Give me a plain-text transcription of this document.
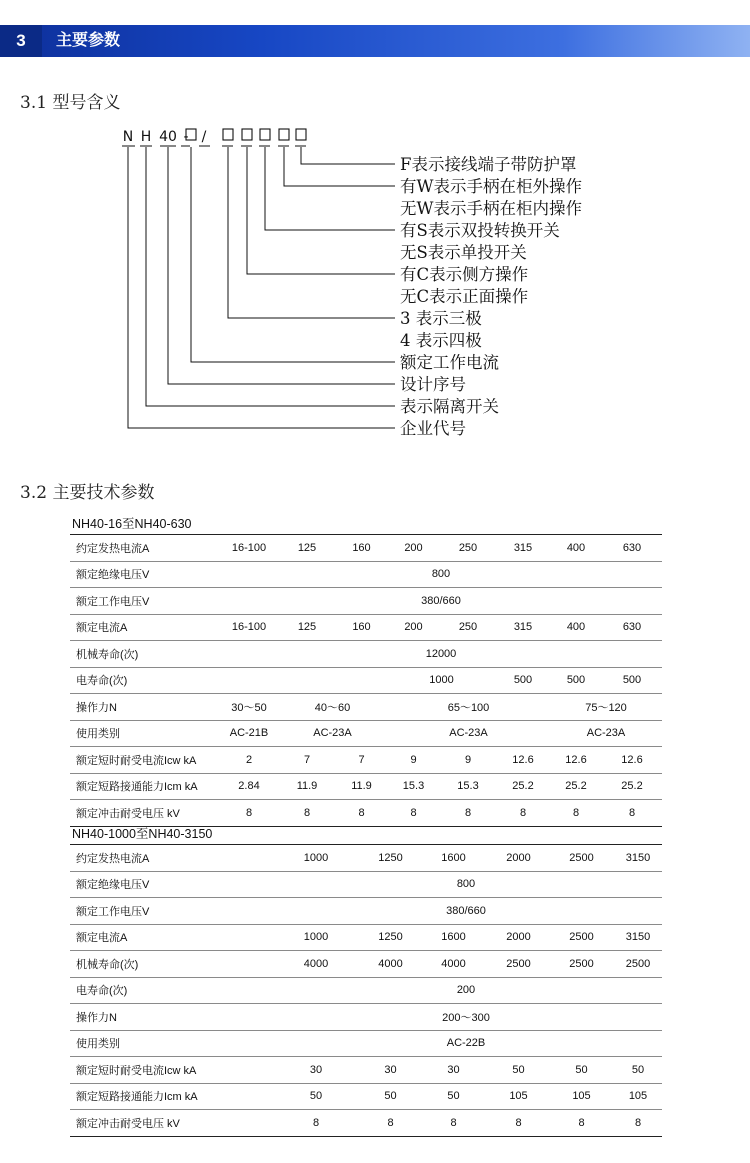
3	主要参数
3.1 型号含义
N H 40 - /
F表示接线端子带防护罩
有W表示手柄在柜外操作
无W表示手柄在柜内操作
有S表示双投转换开关
无S表示单投开关
有C表示侧方操作
无C表示正面操作
3 表示三极
4 表示四极
额定工作电流
设计序号
表示隔离开关
企业代号
3.2 主要技术参数
NH40-16至NH40-630
约定发热电流A	16-100	125	160	200	250	315	400	630
额定绝缘电压V	800							
额定工作电压V	380/660							
额定电流A	16-100	125	160	200	250	315	400	630
机械寿命(次)	12000							
电寿命(次)				1000		500	500	500
操作力N	30～50	40～60		65～100			75～120	
使用类别	AC-21B	AC-23A		AC-23A			AC-23A	
额定短时耐受电流Icw kA	2	7	7	9	9	12.6	12.6	12.6
额定短路接通能力Icm kA	2.84	11.9	11.9	15.3	15.3	25.2	25.2	25.2
额定冲击耐受电压 kV	8	8	8	8	8	8	8	8
NH40-1000至NH40-3150
约定发热电流A	1000	1250	1600	2000	2500	3150
额定绝缘电压V	800					
额定工作电压V	380/660					
额定电流A	1000	1250	1600	2000	2500	3150
机械寿命(次)	4000	4000	4000	2500	2500	2500
电寿命(次)	200					
操作力N	200～300					
使用类别	AC-22B					
额定短时耐受电流Icw kA	30	30	30	50	50	50
额定短路接通能力Icm kA	50	50	50	105	105	105
额定冲击耐受电压 kV	8	8	8	8	8	8
